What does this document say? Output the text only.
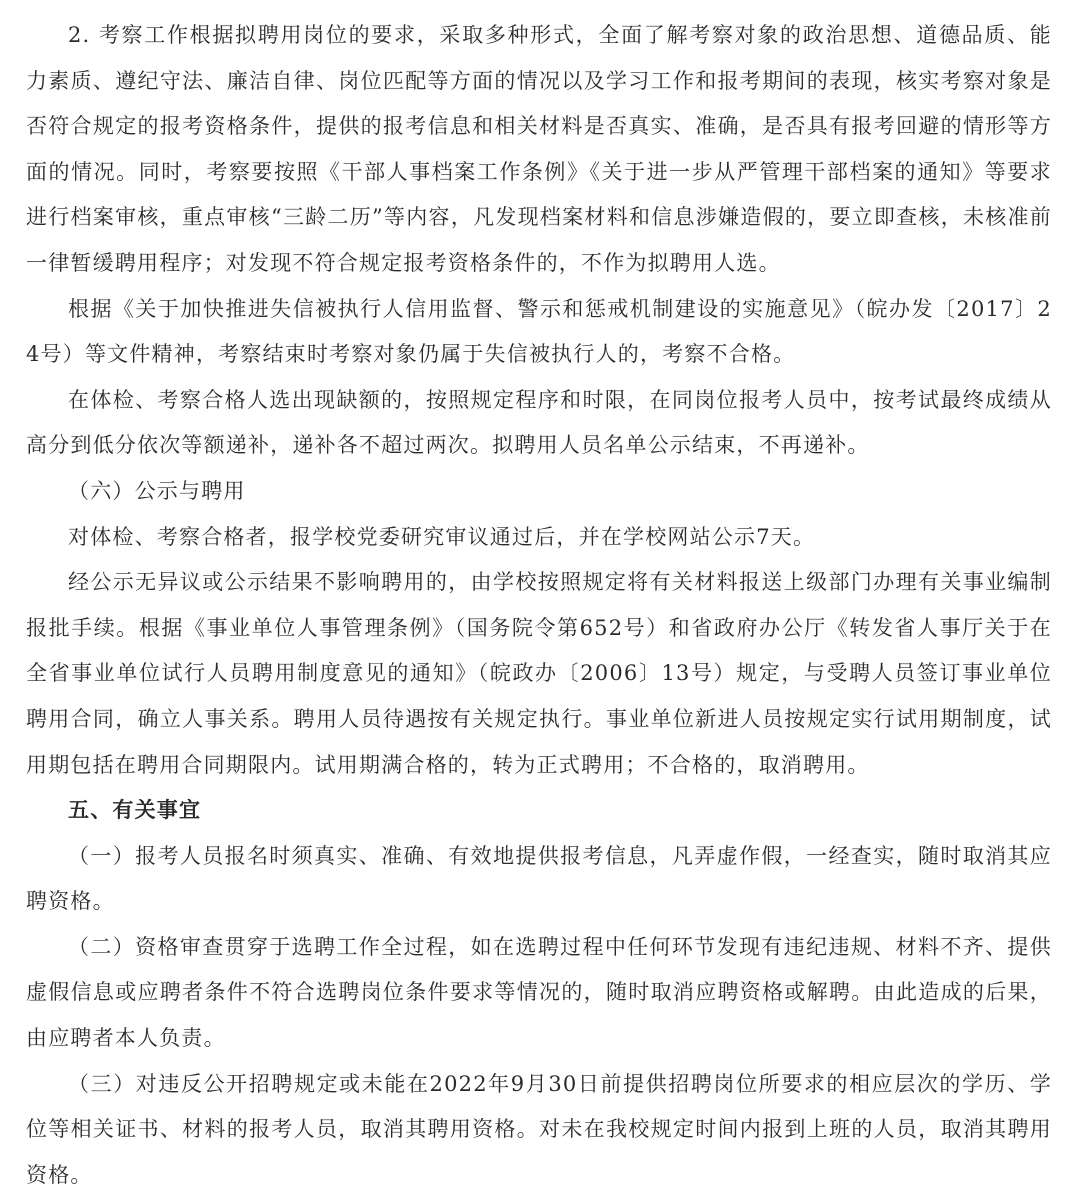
2. 考察工作根据拟聘用岗位的要求，采取多种形式，全面了解考察对象的政治思想、道德品质、能力素质、遵纪守法、廉洁自律、岗位匹配等方面的情况以及学习工作和报考期间的表现，核实考察对象是否符合规定的报考资格条件，提供的报考信息和相关材料是否真实、准确，是否具有报考回避的情形等方面的情况。同时，考察要按照《干部人事档案工作条例》《关于进一步从严管理干部档案的通知》等要求进行档案审核，重点审核“三龄二历”等内容，凡发现档案材料和信息涉嫌造假的，要立即查核，未核准前一律暂缓聘用程序；对发现不符合规定报考资格条件的，不作为拟聘用人选。

根据《关于加快推进失信被执行人信用监督、警示和惩戒机制建设的实施意见》（皖办发〔2017〕24号）等文件精神，考察结束时考察对象仍属于失信被执行人的，考察不合格。

在体检、考察合格人选出现缺额的，按照规定程序和时限，在同岗位报考人员中，按考试最终成绩从高分到低分依次等额递补，递补各不超过两次。拟聘用人员名单公示结束，不再递补。

（六）公示与聘用

对体检、考察合格者，报学校党委研究审议通过后，并在学校网站公示7天。

经公示无异议或公示结果不影响聘用的，由学校按照规定将有关材料报送上级部门办理有关事业编制报批手续。根据《事业单位人事管理条例》（国务院令第652号）和省政府办公厅《转发省人事厅关于在全省事业单位试行人员聘用制度意见的通知》（皖政办〔2006〕13号）规定，与受聘人员签订事业单位聘用合同，确立人事关系。聘用人员待遇按有关规定执行。事业单位新进人员按规定实行试用期制度，试用期包括在聘用合同期限内。试用期满合格的，转为正式聘用；不合格的，取消聘用。

五、有关事宜

（一）报考人员报名时须真实、准确、有效地提供报考信息，凡弄虚作假，一经查实，随时取消其应聘资格。

（二）资格审查贯穿于选聘工作全过程，如在选聘过程中任何环节发现有违纪违规、材料不齐、提供虚假信息或应聘者条件不符合选聘岗位条件要求等情况的，随时取消应聘资格或解聘。由此造成的后果，由应聘者本人负责。

（三）对违反公开招聘规定或未能在2022年9月30日前提供招聘岗位所要求的相应层次的学历、学位等相关证书、材料的报考人员，取消其聘用资格。对未在我校规定时间内报到上班的人员，取消其聘用资格。
